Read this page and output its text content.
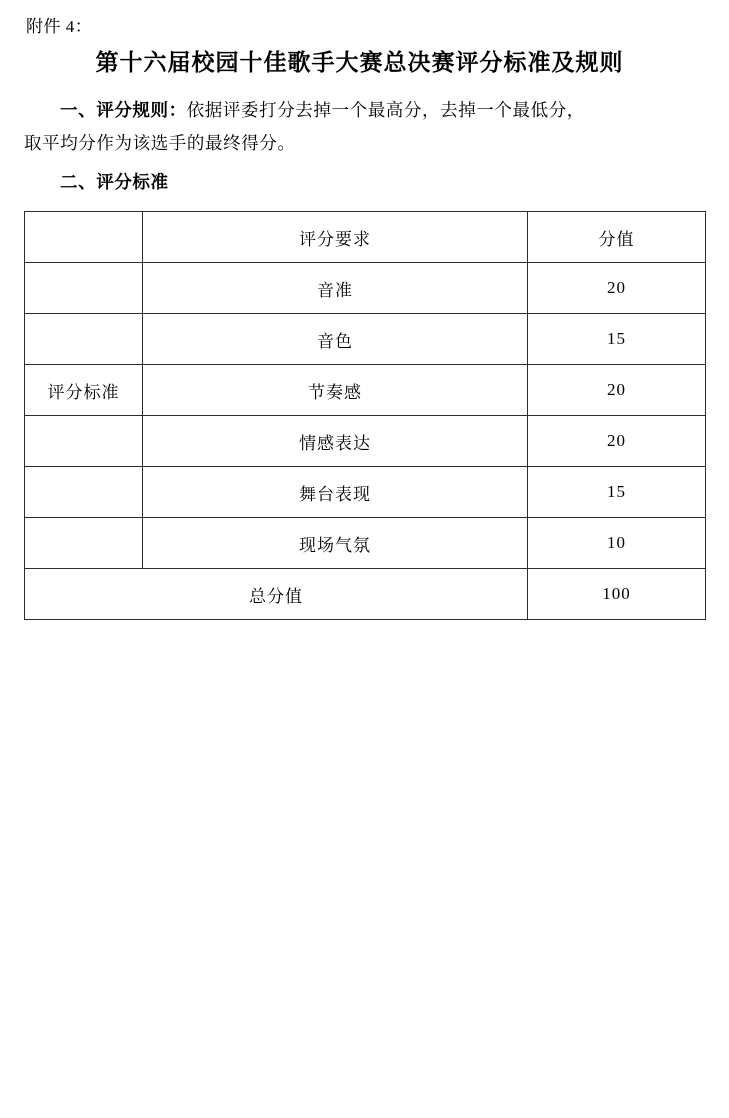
附件 4：
第十六届校园十佳歌手大赛总决赛评分标准及规则
一、评分规则：依据评委打分去掉一个最高分，去掉一个最低分，
取平均分作为该选手的最终得分。
二、评分标准
	评分要求	分值
	音准	20
	音色	15
评分标准	节奏感	20
	情感表达	20
	舞台表现	15
	现场气氛	10
总分值		100
